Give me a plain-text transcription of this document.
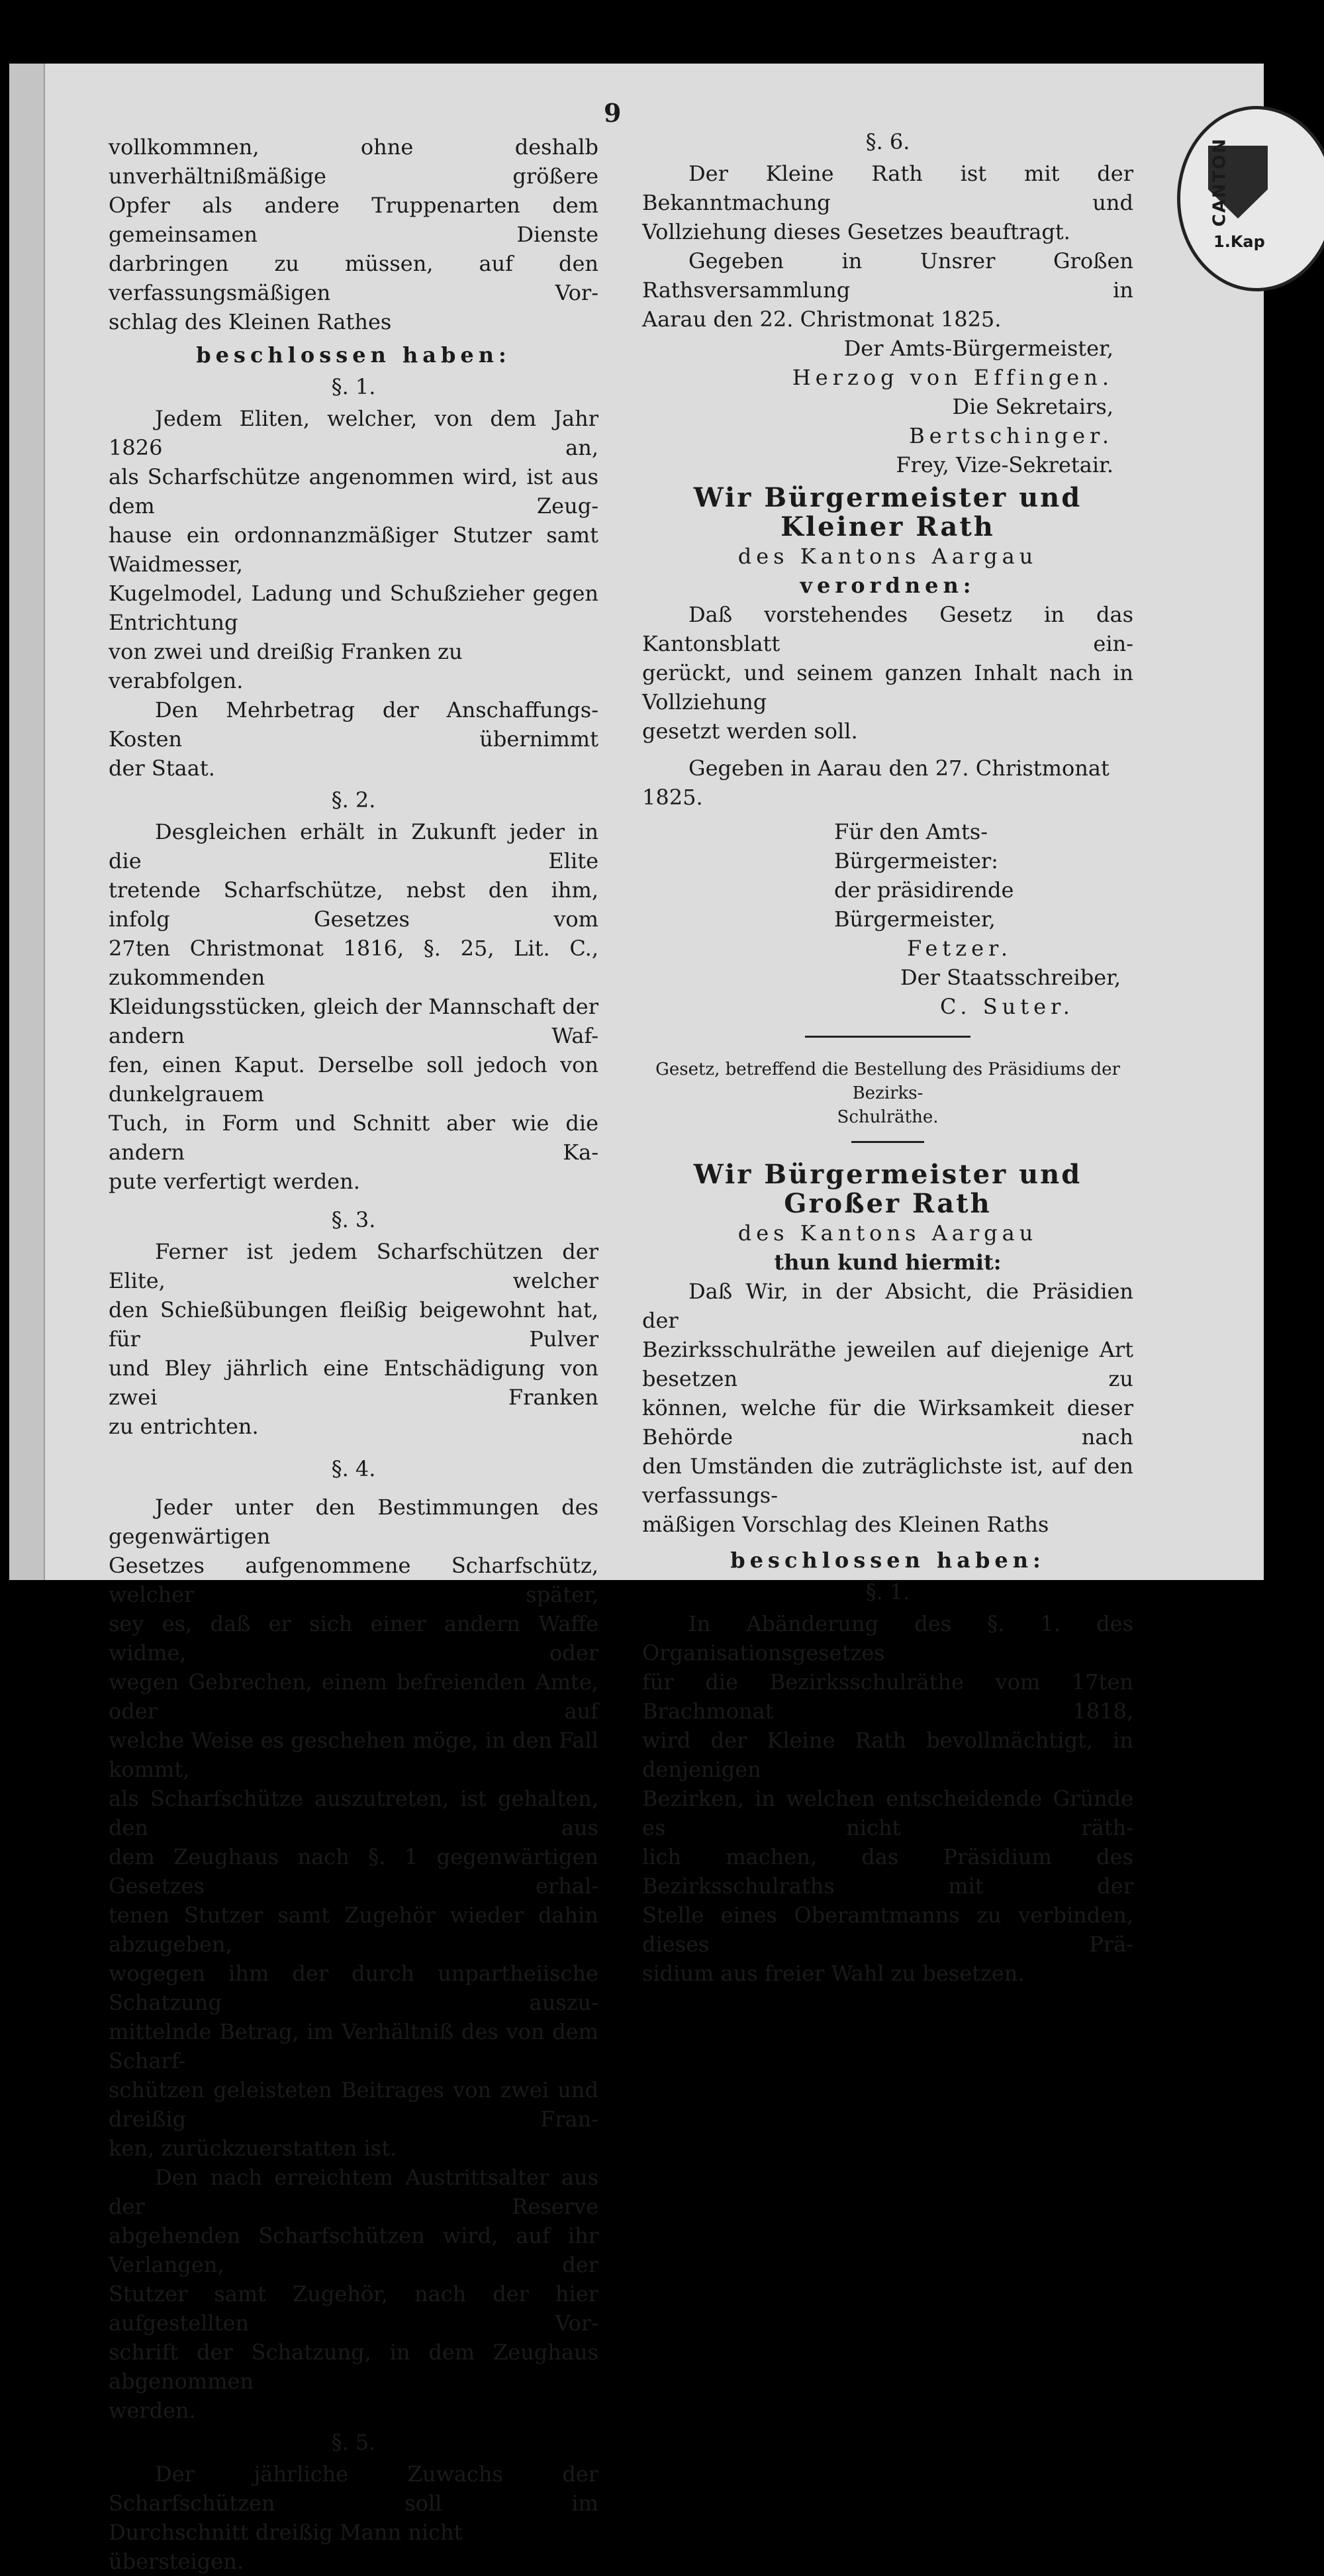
CANTON
1.Kap
9

vollkommnen, ohne deshalb unverhältnißmäßige größere

Opfer als andere Truppenarten dem gemeinsamen Dienste

darbringen zu müssen, auf den verfassungsmäßigen Vor-

schlag des Kleinen Rathes

beschlossen haben:

§. 1.

Jedem Eliten, welcher, von dem Jahr 1826 an,

als Scharfschütze angenommen wird, ist aus dem Zeug-

hause ein ordonnanzmäßiger Stutzer samt Waidmesser,

Kugelmodel, Ladung und Schußzieher gegen Entrichtung

von zwei und dreißig Franken zu verabfolgen.

Den Mehrbetrag der Anschaffungs-Kosten übernimmt

der Staat.

§. 2.

Desgleichen erhält in Zukunft jeder in die Elite

tretende Scharfschütze, nebst den ihm, infolg Gesetzes vom

27ten Christmonat 1816, §. 25, Lit. C., zukommenden

Kleidungsstücken, gleich der Mannschaft der andern Waf-

fen, einen Kaput. Derselbe soll jedoch von dunkelgrauem

Tuch, in Form und Schnitt aber wie die andern Ka-

pute verfertigt werden.

§. 3.

Ferner ist jedem Scharfschützen der Elite, welcher

den Schießübungen fleißig beigewohnt hat, für Pulver

und Bley jährlich eine Entschädigung von zwei Franken

zu entrichten.

§. 4.

Jeder unter den Bestimmungen des gegenwärtigen

Gesetzes aufgenommene Scharfschütz, welcher später,

sey es, daß er sich einer andern Waffe widme, oder

wegen Gebrechen, einem befreienden Amte, oder auf

welche Weise es geschehen möge, in den Fall kommt,

als Scharfschütze auszutreten, ist gehalten, den aus

dem Zeughaus nach §. 1 gegenwärtigen Gesetzes erhal-

tenen Stutzer samt Zugehör wieder dahin abzugeben,

wogegen ihm der durch unpartheiische Schatzung auszu-

mittelnde Betrag, im Verhältniß des von dem Scharf-

schützen geleisteten Beitrages von zwei und dreißig Fran-

ken, zurückzuerstatten ist.

Den nach erreichtem Austrittsalter aus der Reserve

abgehenden Scharfschützen wird, auf ihr Verlangen, der

Stutzer samt Zugehör, nach der hier aufgestellten Vor-

schrift der Schatzung, in dem Zeughaus abgenommen

werden.

§. 5.

Der jährliche Zuwachs der Scharfschützen soll im

Durchschnitt dreißig Mann nicht übersteigen.

§. 6.

Der Kleine Rath ist mit der Bekanntmachung und

Vollziehung dieses Gesetzes beauftragt.

Gegeben in Unsrer Großen Rathsversammlung in

Aarau den 22. Christmonat 1825.

Der Amts-Bürgermeister,

Herzog von Effingen.

Die Sekretairs,

Bertschinger.

Frey, Vize-Sekretair.

Wir Bürgermeister und Kleiner Rath

des Kantons Aargau

verordnen:

Daß vorstehendes Gesetz in das Kantonsblatt ein-

gerückt, und seinem ganzen Inhalt nach in Vollziehung

gesetzt werden soll.

Gegeben in Aarau den 27. Christmonat 1825.

Für den Amts-Bürgermeister:

der präsidirende Bürgermeister,

Fetzer.

Der Staatsschreiber,

C. Suter.

Gesetz, betreffend die Bestellung des Präsidiums der Bezirks-

Schulräthe.

Wir Bürgermeister und Großer Rath

des Kantons Aargau

thun kund hiermit:

Daß Wir, in der Absicht, die Präsidien der

Bezirksschulräthe jeweilen auf diejenige Art besetzen zu

können, welche für die Wirksamkeit dieser Behörde nach

den Umständen die zuträglichste ist, auf den verfassungs-

mäßigen Vorschlag des Kleinen Raths

beschlossen haben:

§. 1.

In Abänderung des §. 1. des Organisationsgesetzes

für die Bezirksschulräthe vom 17ten Brachmonat 1818,

wird der Kleine Rath bevollmächtigt, in denjenigen

Bezirken, in welchen entscheidende Gründe es nicht räth-

lich machen, das Präsidium des Bezirksschulraths mit der

Stelle eines Oberamtmanns zu verbinden, dieses Prä-

sidium aus freier Wahl zu besetzen.
